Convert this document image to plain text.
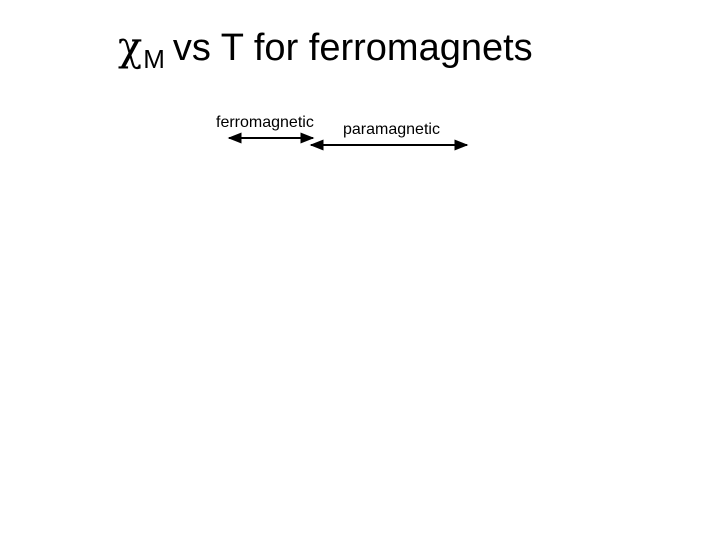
$\chi_M$ vs T for ferromagnets
ferromagnetic paramagnetic
